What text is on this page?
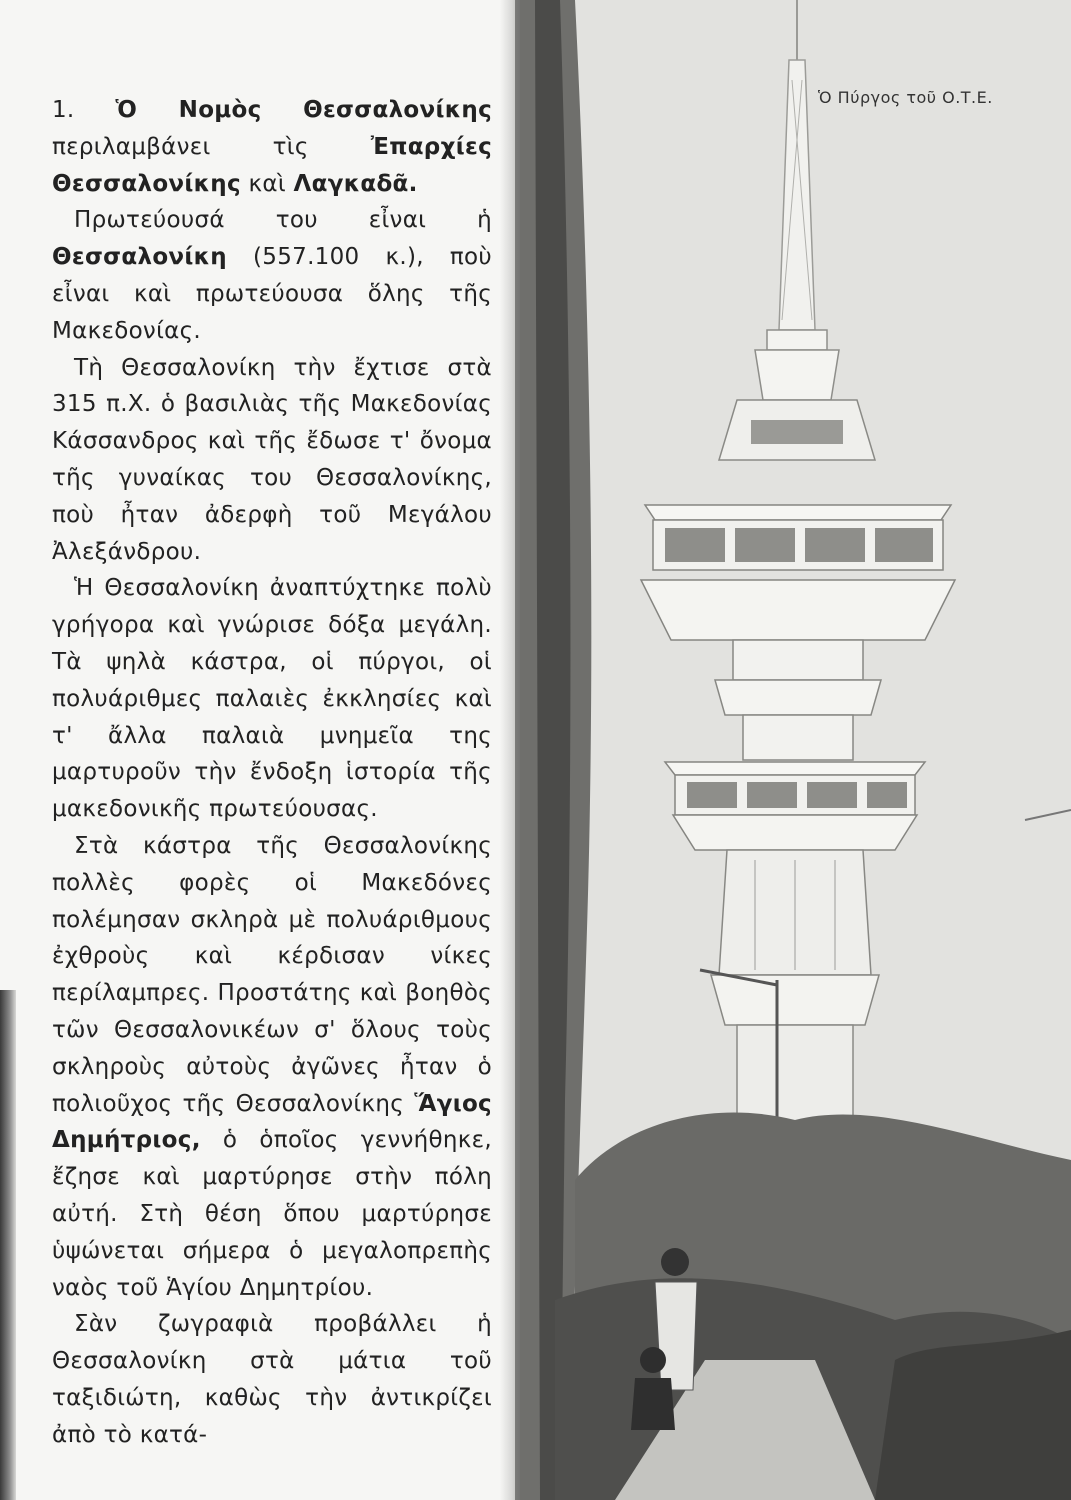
1. Ὁ Νομὸς Θεσσαλονίκης περιλαμβάνει τὶς Ἐπαρχίες Θεσσαλονίκης καὶ Λαγκαδᾶ.

Πρωτεύουσά του εἶναι ἡ Θεσσαλονίκη (557.100 κ.), ποὺ εἶναι καὶ πρωτεύουσα ὅλης τῆς Μακεδονίας.

Τὴ Θεσσαλονίκη τὴν ἔχτισε στὰ 315 π.Χ. ὁ βασιλιὰς τῆς Μακεδονίας Κάσσανδρος καὶ τῆς ἔδωσε τ' ὄνομα τῆς γυναίκας του Θεσσαλονίκης, ποὺ ἦταν ἀδερφὴ τοῦ Μεγάλου Ἀλεξάνδρου.

Ἡ Θεσσαλονίκη ἀναπτύχτηκε πολὺ γρήγορα καὶ γνώρισε δόξα μεγάλη. Τὰ ψηλὰ κάστρα, οἱ πύργοι, οἱ πολυάριθμες παλαιὲς ἐκκλησίες καὶ τ' ἄλλα παλαιὰ μνημεῖα της μαρτυροῦν τὴν ἔνδοξη ἱστορία τῆς μακεδονικῆς πρωτεύουσας.

Στὰ κάστρα τῆς Θεσσαλονίκης πολλὲς φορὲς οἱ Μακεδόνες πολέμησαν σκληρὰ μὲ πολυάριθμους ἐχθροὺς καὶ κέρδισαν νίκες περίλαμπρες. Προστάτης καὶ βοηθὸς τῶν Θεσσαλονικέων σ' ὅλους τοὺς σκληροὺς αὐτοὺς ἀγῶνες ἦταν ὁ πολιοῦχος τῆς Θεσσαλονίκης Ἅγιος Δημήτριος, ὁ ὁποῖος γεννήθηκε, ἔζησε καὶ μαρτύρησε στὴν πόλη αὐτή. Στὴ θέση ὅπου μαρτύρησε ὑψώνεται σήμερα ὁ μεγαλοπρεπὴς ναὸς τοῦ Ἁγίου Δημητρίου.

Σὰν ζωγραφιὰ προβάλλει ἡ Θεσσαλονίκη στὰ μάτια τοῦ ταξιδιώτη, καθὼς τὴν ἀντικρίζει ἀπὸ τὸ κατά-

Ὁ Πύργος τοῦ Ο.Τ.Ε.
